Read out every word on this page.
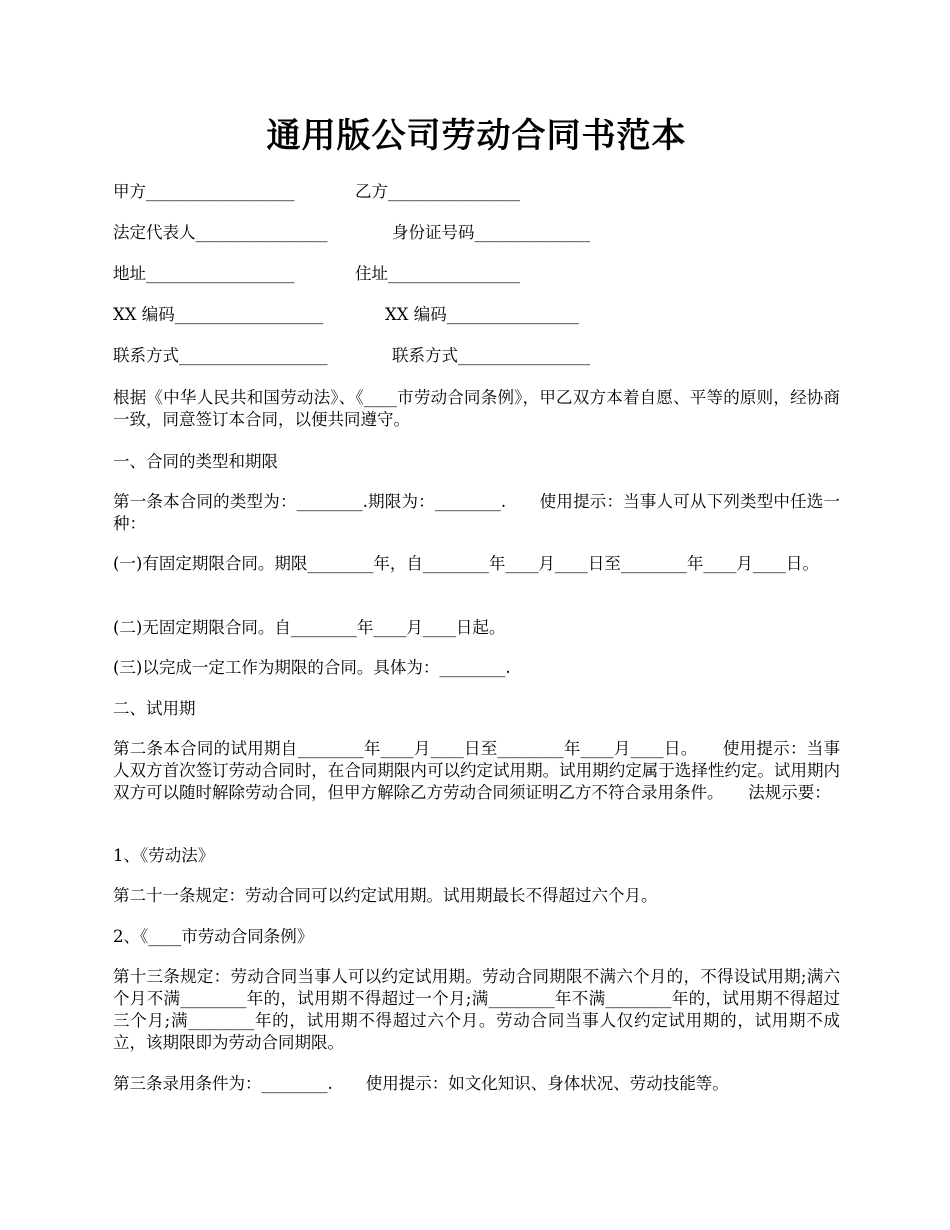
通用版公司劳动合同书范本
甲方__________________	乙方________________
法定代表人________________	身份证号码______________
地址__________________	住址________________
XX 编码__________________	XX 编码________________
联系方式__________________	联系方式________________

根据《中华人民共和国劳动法》、《____市劳动合同条例》，甲乙双方本着自愿、平等的原则，经协商一致，同意签订本合同，以便共同遵守。

一、合同的类型和期限

第一条本合同的类型为：________.期限为：________.　　使用提示：当事人可从下列类型中任选一种：

(一)有固定期限合同。期限________年，自________年____月____日至________年____月____日。

(二)无固定期限合同。自________年____月____日起。

(三)以完成一定工作为期限的合同。具体为：________.

二、试用期

第二条本合同的试用期自________年____月____日至________年____月____日。　　使用提示：当事人双方首次签订劳动合同时，在合同期限内可以约定试用期。试用期约定属于选择性约定。试用期内双方可以随时解除劳动合同，但甲方解除乙方劳动合同须证明乙方不符合录用条件。　　法规示要：

1、《劳动法》

第二十一条规定：劳动合同可以约定试用期。试用期最长不得超过六个月。

2、《____市劳动合同条例》

第十三条规定：劳动合同当事人可以约定试用期。劳动合同期限不满六个月的，不得设试用期;满六个月不满________年的，试用期不得超过一个月;满________年不满________年的，试用期不得超过三个月;满________年的，试用期不得超过六个月。劳动合同当事人仅约定试用期的，试用期不成立，该期限即为劳动合同期限。

第三条录用条件为：________.　　使用提示：如文化知识、身体状况、劳动技能等。
